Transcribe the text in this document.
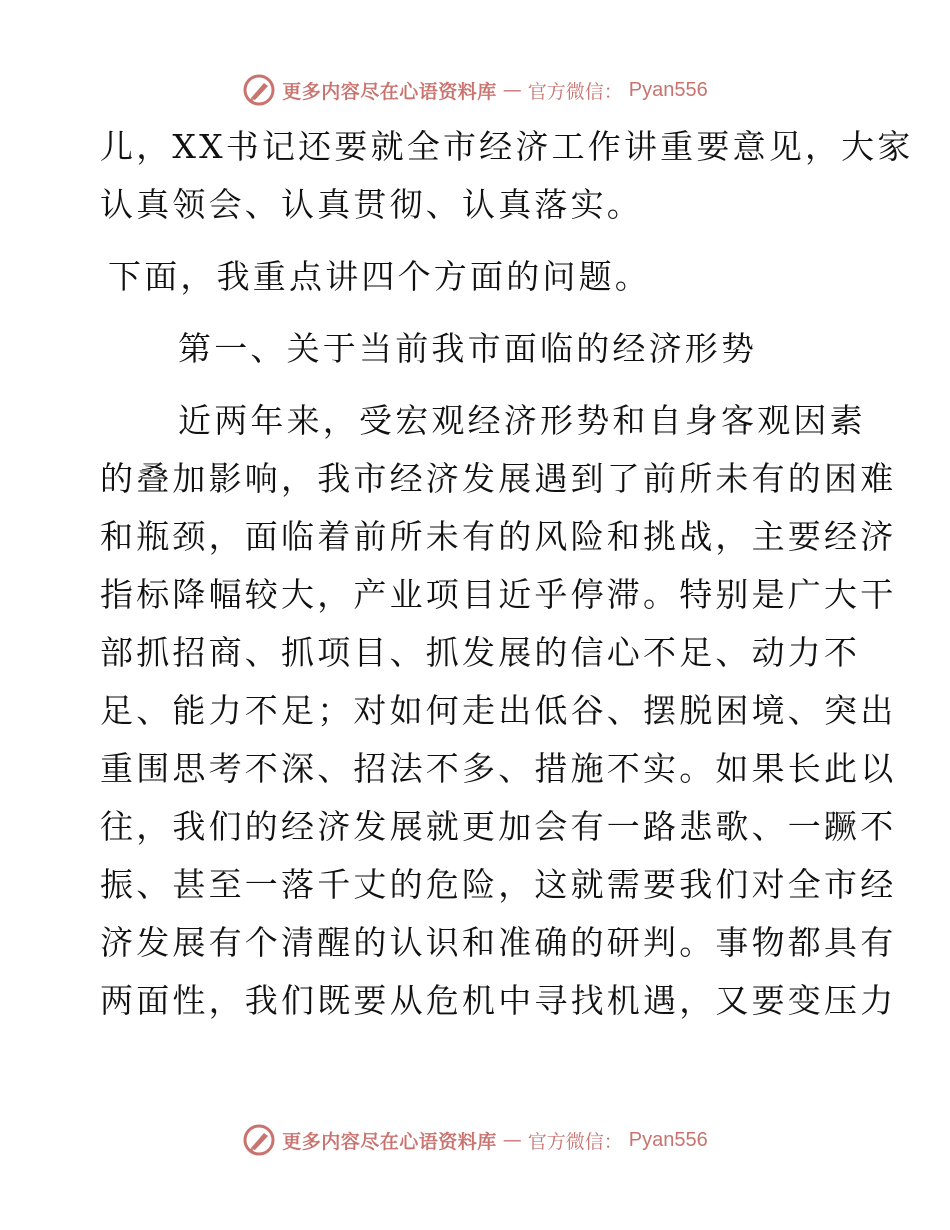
更多内容尽在心语资料库 — 官方微信： Pyan556
儿，XX书记还要就全市经济工作讲重要意见，大家
认真领会、认真贯彻、认真落实。
下面，我重点讲四个方面的问题。
第一、关于当前我市面临的经济形势
近两年来，受宏观经济形势和自身客观因素
的叠加影响，我市经济发展遇到了前所未有的困难
和瓶颈，面临着前所未有的风险和挑战，主要经济
指标降幅较大，产业项目近乎停滞。特别是广大干
部抓招商、抓项目、抓发展的信心不足、动力不
足、能力不足；对如何走出低谷、摆脱困境、突出
重围思考不深、招法不多、措施不实。如果长此以
往，我们的经济发展就更加会有一路悲歌、一蹶不
振、甚至一落千丈的危险，这就需要我们对全市经
济发展有个清醒的认识和准确的研判。事物都具有
两面性，我们既要从危机中寻找机遇，又要变压力
更多内容尽在心语资料库 — 官方微信： Pyan556
